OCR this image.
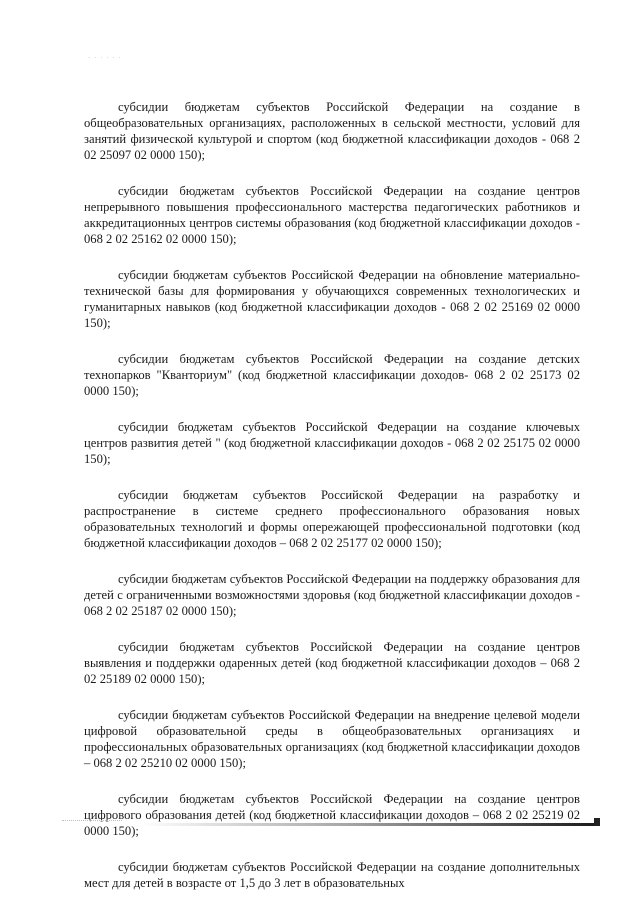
· · · · · ·

субсидии бюджетам субъектов Российской Федерации на создание в общеобразовательных организациях, расположенных в сельской местности, условий для занятий физической культурой и спортом (код бюджетной классификации доходов - 068 2 02 25097 02 0000 150);

субсидии бюджетам субъектов Российской Федерации на создание центров непрерывного повышения профессионального мастерства педагогических работников и аккредитационных центров системы образования (код бюджетной классификации доходов - 068 2 02 25162 02 0000 150);

субсидии бюджетам субъектов Российской Федерации на обновление материально-технической базы для формирования у обучающихся современных технологических и гуманитарных навыков (код бюджетной классификации доходов - 068 2 02 25169 02 0000 150);

субсидии бюджетам субъектов Российской Федерации на создание детских технопарков "Кванториум" (код бюджетной классификации доходов- 068 2 02 25173 02 0000 150);

субсидии бюджетам субъектов Российской Федерации на создание ключевых центров развития детей " (код бюджетной классификации доходов - 068 2 02 25175 02 0000 150);

субсидии бюджетам субъектов Российской Федерации на разработку и распространение в системе среднего профессионального образования новых образовательных технологий и формы опережающей профессиональной подготовки (код бюджетной классификации доходов – 068 2 02 25177 02 0000 150);

субсидии бюджетам субъектов Российской Федерации на поддержку образования для детей с ограниченными возможностями здоровья (код бюджетной классификации доходов - 068 2 02 25187 02 0000 150);

субсидии бюджетам субъектов Российской Федерации на создание центров выявления и поддержки одаренных детей (код бюджетной классификации доходов – 068 2 02 25189 02 0000 150);

субсидии бюджетам субъектов Российской Федерации на внедрение целевой модели цифровой образовательной среды в общеобразовательных организациях и профессиональных образовательных организациях (код бюджетной классификации доходов – 068 2 02 25210 02 0000 150);

субсидии бюджетам субъектов Российской Федерации на создание центров цифрового образования детей (код бюджетной классификации доходов – 068 2 02 25219 02 0000 150);

субсидии бюджетам субъектов Российской Федерации на создание дополнительных мест для детей в возрасте от 1,5 до 3 лет в образовательных
